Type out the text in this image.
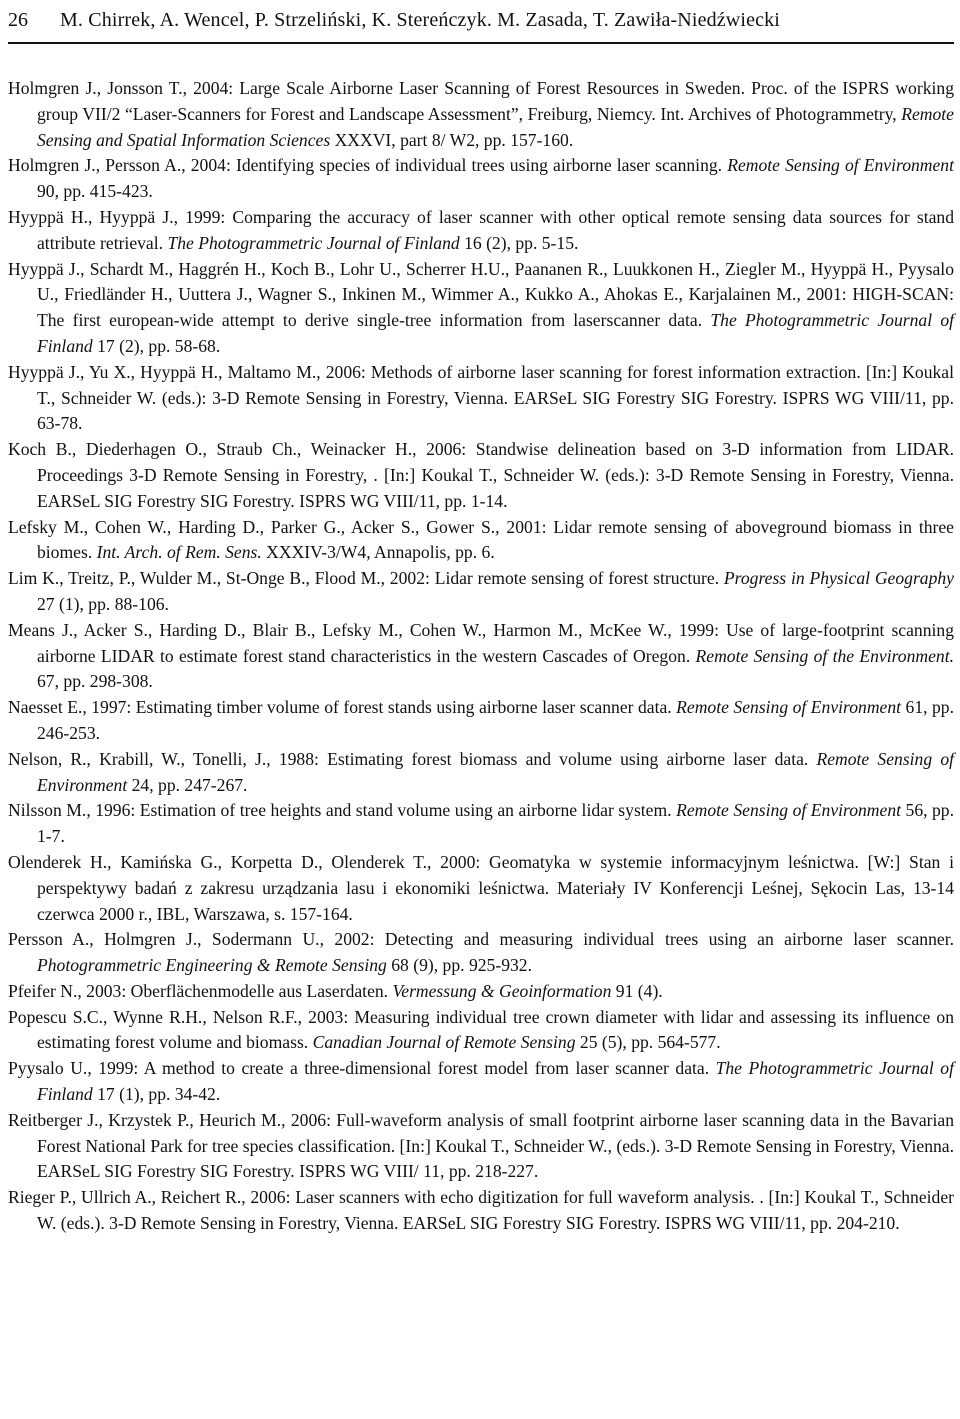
26	M. Chirrek, A. Wencel, P. Strzeliński, K. Stereńczyk. M. Zasada, T. Zawiła-Niedźwiecki

Holmgren J., Jonsson T., 2004: Large Scale Airborne Laser Scanning of Forest Resources in Sweden. Proc. of the ISPRS working group VII/2 “Laser-Scanners for Forest and Landscape Assessment”, Freiburg, Niemcy. Int. Archives of Photogrammetry, Remote Sensing and Spatial Information Sciences XXXVI, part 8/ W2, pp. 157-160.

Holmgren J., Persson A., 2004: Identifying species of individual trees using airborne laser scanning. Remote Sensing of Environment 90, pp. 415-423.

Hyyppä H., Hyyppä J., 1999: Comparing the accuracy of laser scanner with other optical remote sensing data sources for stand attribute retrieval. The Photogrammetric Journal of Finland 16 (2), pp. 5-15.

Hyyppä J., Schardt M., Haggrén H., Koch B., Lohr U., Scherrer H.U., Paananen R., Luukkonen H., Ziegler M., Hyyppä H., Pyysalo U., Friedländer H., Uuttera J., Wagner S., Inkinen M., Wimmer A., Kukko A., Ahokas E., Karjalainen M., 2001: HIGH-SCAN: The first european-wide attempt to derive single-tree information from laserscanner data. The Photogrammetric Journal of Finland 17 (2), pp. 58-68.

Hyyppä J., Yu X., Hyyppä H., Maltamo M., 2006: Methods of airborne laser scanning for forest information extraction. [In:] Koukal T., Schneider W. (eds.): 3-D Remote Sensing in Forestry, Vienna. EARSeL SIG Forestry SIG Forestry. ISPRS WG VIII/11, pp. 63-78.

Koch B., Diederhagen O., Straub Ch., Weinacker H., 2006: Standwise delineation based on 3-D information from LIDAR. Proceedings 3-D Remote Sensing in Forestry, . [In:] Koukal T., Schneider W. (eds.): 3-D Remote Sensing in Forestry, Vienna. EARSeL SIG Forestry SIG Forestry. ISPRS WG VIII/11, pp. 1-14.

Lefsky M., Cohen W., Harding D., Parker G., Acker S., Gower S., 2001: Lidar remote sensing of aboveground biomass in three biomes. Int. Arch. of Rem. Sens. XXXIV-3/W4, Annapolis, pp. 6.

Lim K., Treitz, P., Wulder M., St-Onge B., Flood M., 2002: Lidar remote sensing of forest structure. Progress in Physical Geography 27 (1), pp. 88-106.

Means J., Acker S., Harding D., Blair B., Lefsky M., Cohen W., Harmon M., McKee W., 1999: Use of large-footprint scanning airborne LIDAR to estimate forest stand characteristics in the western Cascades of Oregon. Remote Sensing of the Environment. 67, pp. 298-308.

Naesset E., 1997: Estimating timber volume of forest stands using airborne laser scanner data. Remote Sensing of Environment 61, pp. 246-253.

Nelson, R., Krabill, W., Tonelli, J., 1988: Estimating forest biomass and volume using airborne laser data. Remote Sensing of Environment 24, pp. 247-267.

Nilsson M., 1996: Estimation of tree heights and stand volume using an airborne lidar system. Remote Sensing of Environment 56, pp. 1-7.

Olenderek H., Kamińska G., Korpetta D., Olenderek T., 2000: Geomatyka w systemie informacyjnym leśnictwa. [W:] Stan i perspektywy badań z zakresu urządzania lasu i ekonomiki leśnictwa. Materiały IV Konferencji Leśnej, Sękocin Las, 13-14 czerwca 2000 r., IBL, Warszawa, s. 157-164.

Persson A., Holmgren J., Sodermann U., 2002: Detecting and measuring individual trees using an airborne laser scanner. Photogrammetric Engineering & Remote Sensing 68 (9), pp. 925-932.

Pfeifer N., 2003: Oberflächenmodelle aus Laserdaten. Vermessung & Geoinformation 91 (4).

Popescu S.C., Wynne R.H., Nelson R.F., 2003: Measuring individual tree crown diameter with lidar and assessing its influence on estimating forest volume and biomass. Canadian Journal of Remote Sensing 25 (5), pp. 564-577.

Pyysalo U., 1999: A method to create a three-dimensional forest model from laser scanner data. The Photogrammetric Journal of Finland 17 (1), pp. 34-42.

Reitberger J., Krzystek P., Heurich M., 2006: Full-waveform analysis of small footprint airborne laser scanning data in the Bavarian Forest National Park for tree species classification. [In:] Koukal T., Schneider W., (eds.). 3-D Remote Sensing in Forestry, Vienna. EARSeL SIG Forestry SIG Forestry. ISPRS WG VIII/ 11, pp. 218-227.

Rieger P., Ullrich A., Reichert R., 2006: Laser scanners with echo digitization for full waveform analysis. . [In:] Koukal T., Schneider W. (eds.). 3-D Remote Sensing in Forestry, Vienna. EARSeL SIG Forestry SIG Forestry. ISPRS WG VIII/11, pp. 204-210.
